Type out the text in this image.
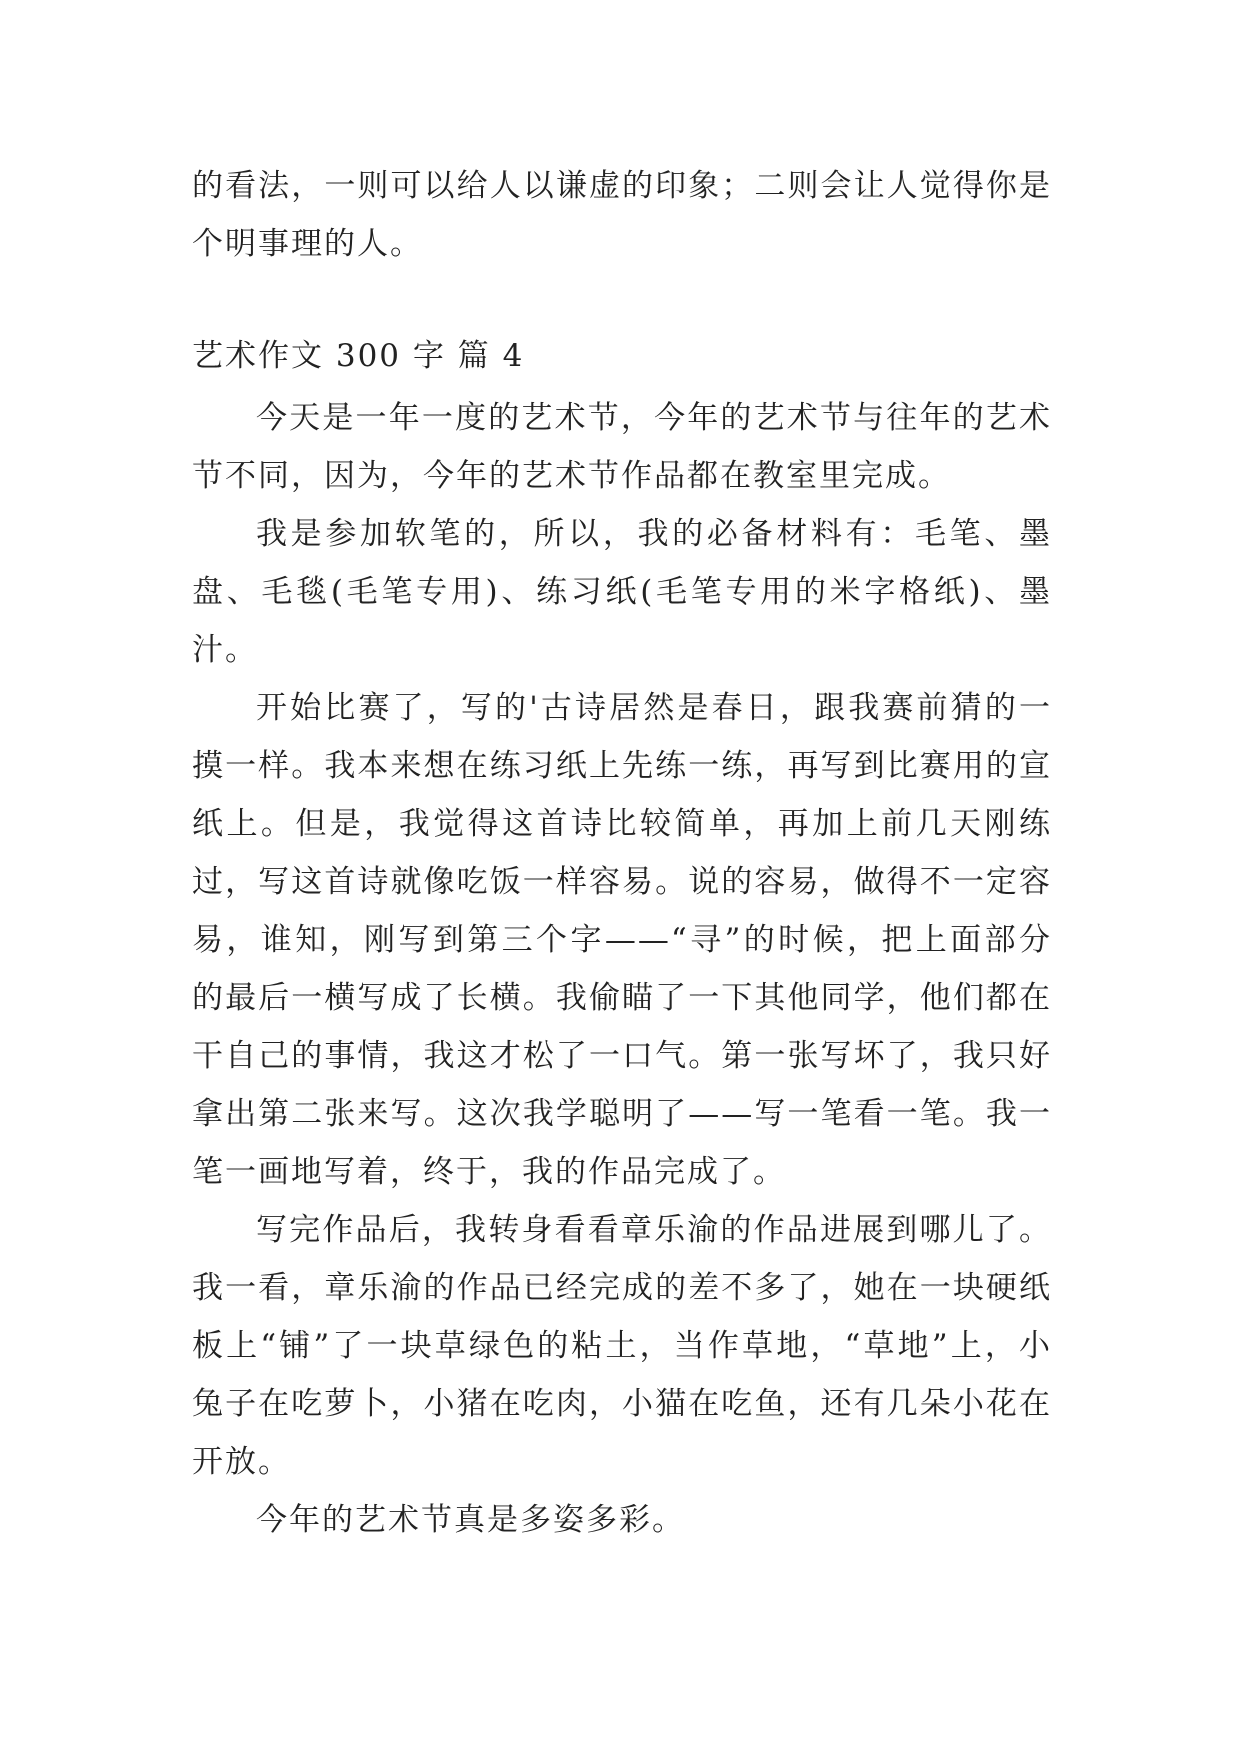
的看法，一则可以给人以谦虚的印象；二则会让人觉得你是个明事理的人。

艺术作文 300 字 篇 4

今天是一年一度的艺术节，今年的艺术节与往年的艺术节不同，因为，今年的艺术节作品都在教室里完成。

我是参加软笔的，所以，我的必备材料有：毛笔、墨盘、毛毯(毛笔专用)、练习纸(毛笔专用的米字格纸)、墨汁。

开始比赛了，写的'古诗居然是春日，跟我赛前猜的一摸一样。我本来想在练习纸上先练一练，再写到比赛用的宣纸上。但是，我觉得这首诗比较简单，再加上前几天刚练过，写这首诗就像吃饭一样容易。说的容易，做得不一定容易，谁知，刚写到第三个字——“寻”的时候，把上面部分的最后一横写成了长横。我偷瞄了一下其他同学，他们都在干自己的事情，我这才松了一口气。第一张写坏了，我只好拿出第二张来写。这次我学聪明了——写一笔看一笔。我一笔一画地写着，终于，我的作品完成了。

写完作品后，我转身看看章乐渝的作品进展到哪儿了。我一看，章乐渝的作品已经完成的差不多了，她在一块硬纸板上“铺”了一块草绿色的粘土，当作草地，“草地”上，小兔子在吃萝卜，小猪在吃肉，小猫在吃鱼，还有几朵小花在开放。

今年的艺术节真是多姿多彩。
